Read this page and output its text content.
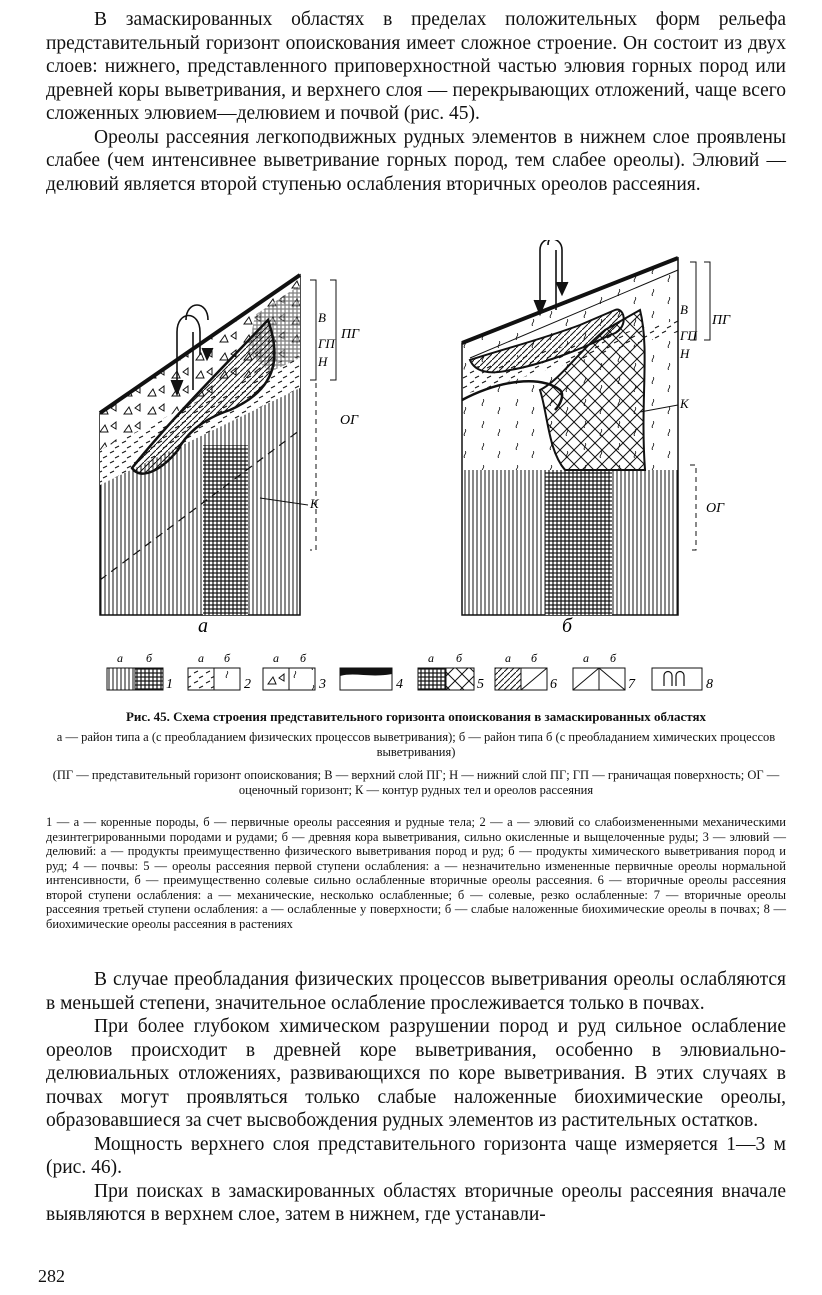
В замаскированных областях в пределах положительных форм рельефа представительный горизонт опоискования имеет сложное строение. Он состоит из двух слоев: нижнего, представленного приповерхностной частью элювия горных пород или древней коры выветривания, и верхнего слоя — перекрывающих отложений, чаще всего сложенных элювием—делювием и почвой (рис. 45).

Ореолы рассеяния легкоподвижных рудных элементов в нижнем слое проявлены слабее (чем интенсивнее выветривание горных пород, тем слабее ореолы). Элювий — делювий является второй ступенью ослабления вторичных ореолов рассеяния.

В
ГП
Н
ПГ
ОГ
К
а
В
ГП
Н
ПГ
ОГ
К
б
а б
1
а б
2
а б
3	4
а б
5
а б
6
а б
7	8
Рис. 45. Схема строения представительного горизонта опоискования в замаскированных областях

а — район типа а (с преобладанием физических процессов выветривания); б — район типа б (с преобладанием химических процессов выветривания)

(ПГ — представительный горизонт опоискования; В — верхний слой ПГ; Н — нижний слой ПГ; ГП — граничащая поверхность; ОГ — оценочный горизонт; К — контур рудных тел и ореолов рассеяния

1 — а — коренные породы, б — первичные ореолы рассеяния и рудные тела; 2 — а — элювий со слабоизмененными механическими дезинтегрированными породами и рудами; б — древняя кора выветривания, сильно окисленные и выщелоченные руды; 3 — элювий — делювий: а — продукты преимущественно физического выветривания пород и руд; б — продукты химического выветривания пород и руд; 4 — почвы: 5 — ореолы рассеяния первой ступени ослабления: а — незначительно измененные первичные ореолы нормальной интенсивности, б — преимущественно солевые сильно ослабленные вторичные ореолы рассеяния. 6 — вторичные ореолы рассеяния второй ступени ослабления: а — механические, несколько ослабленные; б — солевые, резко ослабленные: 7 — вторичные ореолы рассеяния третьей ступени ослабления: а — ослабленные у поверхности; б — слабые наложенные биохимические ореолы в почвах; 8 — биохимические ореолы рассеяния в растениях

В случае преобладания физических процессов выветривания ореолы ослабляются в меньшей степени, значительное ослабление прослеживается только в почвах.

При более глубоком химическом разрушении пород и руд сильное ослабление ореолов происходит в древней коре выветривания, особенно в элювиально-делювиальных отложениях, развивающихся по коре выветривания. В этих случаях в почвах могут проявляться только слабые наложенные биохимические ореолы, образовавшиеся за счет высвобождения рудных элементов из растительных остатков.

Мощность верхнего слоя представительного горизонта чаще измеряется 1—3 м (рис. 46).

При поисках в замаскированных областях вторичные ореолы рассеяния вначале выявляются в верхнем слое, затем в нижнем, где устанавли-

282
